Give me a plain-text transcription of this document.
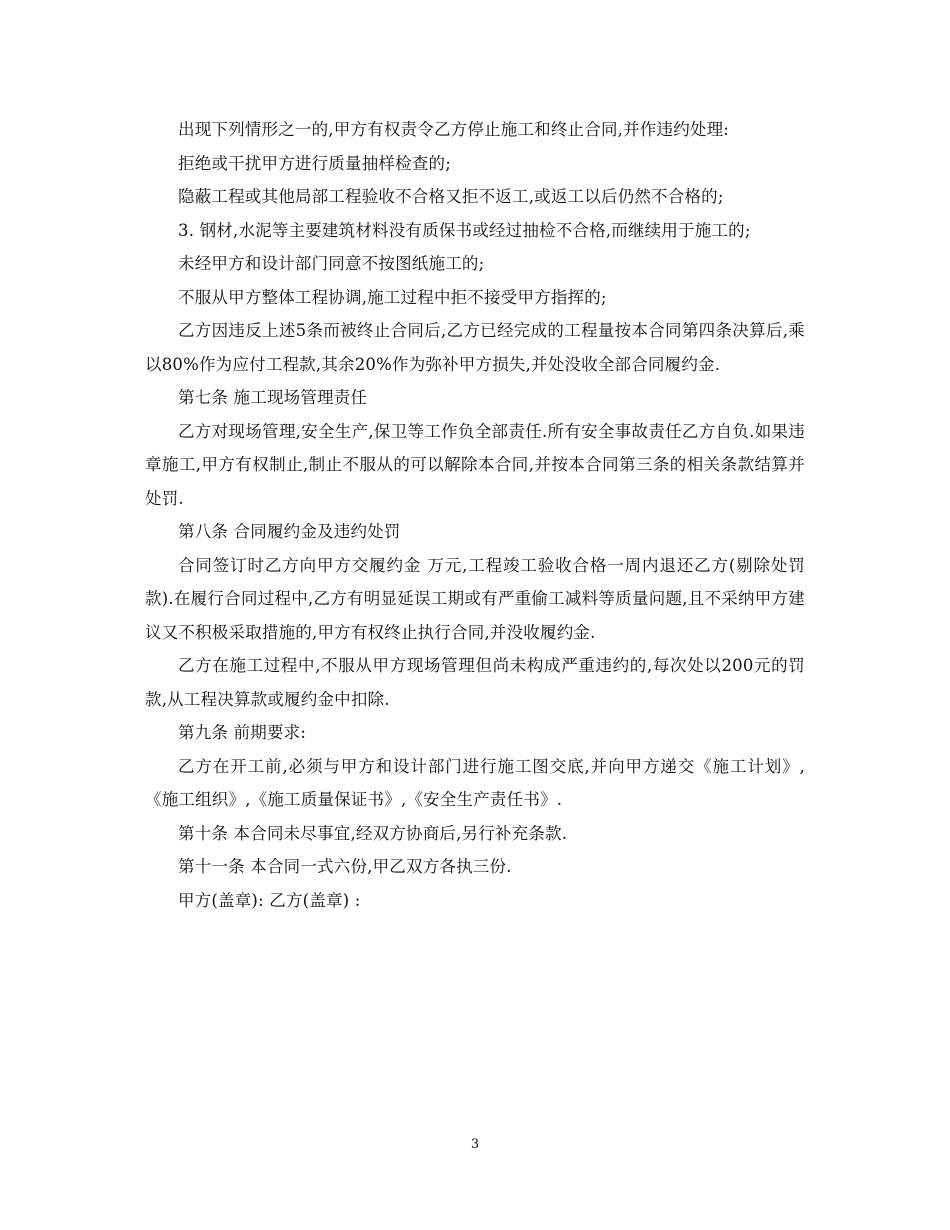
出现下列情形之一的,甲方有权责令乙方停止施工和终止合同,并作违约处理:

拒绝或干扰甲方进行质量抽样检查的;

隐蔽工程或其他局部工程验收不合格又拒不返工,或返工以后仍然不合格的;

3. 钢材,水泥等主要建筑材料没有质保书或经过抽检不合格,而继续用于施工的;

未经甲方和设计部门同意不按图纸施工的;

不服从甲方整体工程协调,施工过程中拒不接受甲方指挥的;

乙方因违反上述5条而被终止合同后,乙方已经完成的工程量按本合同第四条决算后,乘以80%作为应付工程款,其余20%作为弥补甲方损失,并处没收全部合同履约金.

第七条 施工现场管理责任

乙方对现场管理,安全生产,保卫等工作负全部责任.所有安全事故责任乙方自负.如果违章施工,甲方有权制止,制止不服从的可以解除本合同,并按本合同第三条的相关条款结算并处罚.

第八条 合同履约金及违约处罚

合同签订时乙方向甲方交履约金 万元,工程竣工验收合格一周内退还乙方(剔除处罚款).在履行合同过程中,乙方有明显延误工期或有严重偷工减料等质量问题,且不采纳甲方建议又不积极采取措施的,甲方有权终止执行合同,并没收履约金.

乙方在施工过程中,不服从甲方现场管理但尚未构成严重违约的,每次处以200元的罚款,从工程决算款或履约金中扣除.

第九条 前期要求:

乙方在开工前,必须与甲方和设计部门进行施工图交底,并向甲方递交《施工计划》,《施工组织》,《施工质量保证书》,《安全生产责任书》.

第十条 本合同未尽事宜,经双方协商后,另行补充条款.

第十一条 本合同一式六份,甲乙双方各执三份.

甲方(盖章): 乙方(盖章) :

3
